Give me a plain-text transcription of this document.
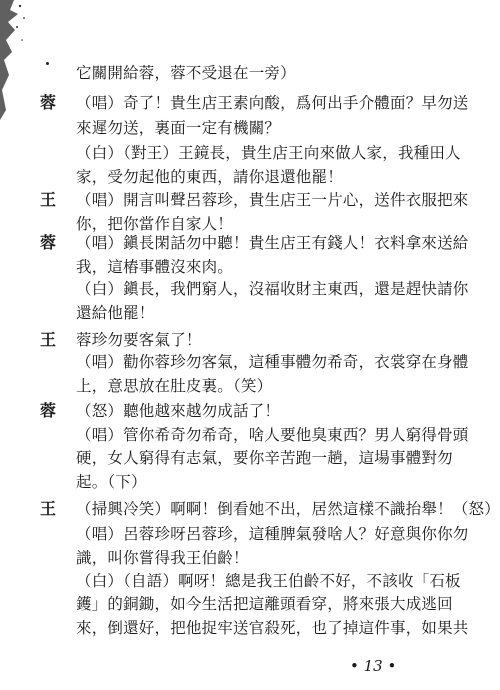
蓉
王
蓉
王
蓉
王
它關開給蓉，蓉不受退在一旁）
（唱）奇了！貴生店王素向酸，爲何出手介體面？早勿送
來遲勿送，裏面一定有機關？
（白）（對王）王鏡長，貴生店王向來做人家，我種田人
家，受勿起他的東西，請你退還他罷！
（唱）開言叫聲呂蓉珍，貴生店王一片心，送件衣服把來
你，把你當作自家人！
（唱）鎭長閑話勿中聽！貴生店王有錢人！衣料拿來送給
我，這樁事體沒來肉。
（白）鎭長，我們窮人，沒福收財主東西，還是趕快請你
還給他罷！
蓉珍勿要客氣了！
（唱）勸你蓉珍勿客氣，這種事體勿希奇，衣裳穿在身體
上，意思放在肚皮裏。（笑）
（怒）聽他越來越勿成話了！
（唱）管你希奇勿希奇，啥人要他臭東西？男人窮得骨頭
硬，女人窮得有志氣，要你辛苦跑一趟，這場事體對勿
起。（下）
（掃興冷笑）啊啊！倒看她不出，居然這樣不識抬舉！（怒）
（唱）呂蓉珍呀呂蓉珍，這種脾氣發啥人？好意與你你勿
識，叫你嘗得我王伯齡！
（白）（自語）啊呀！總是我王伯齡不好，不該收「石板
鑊」的銅鋤，如今生活把這離頭看穿，將來張大成逃回
來，倒還好，把他捉牢送官殺死，也了掉這件事，如果共
• 13 •
